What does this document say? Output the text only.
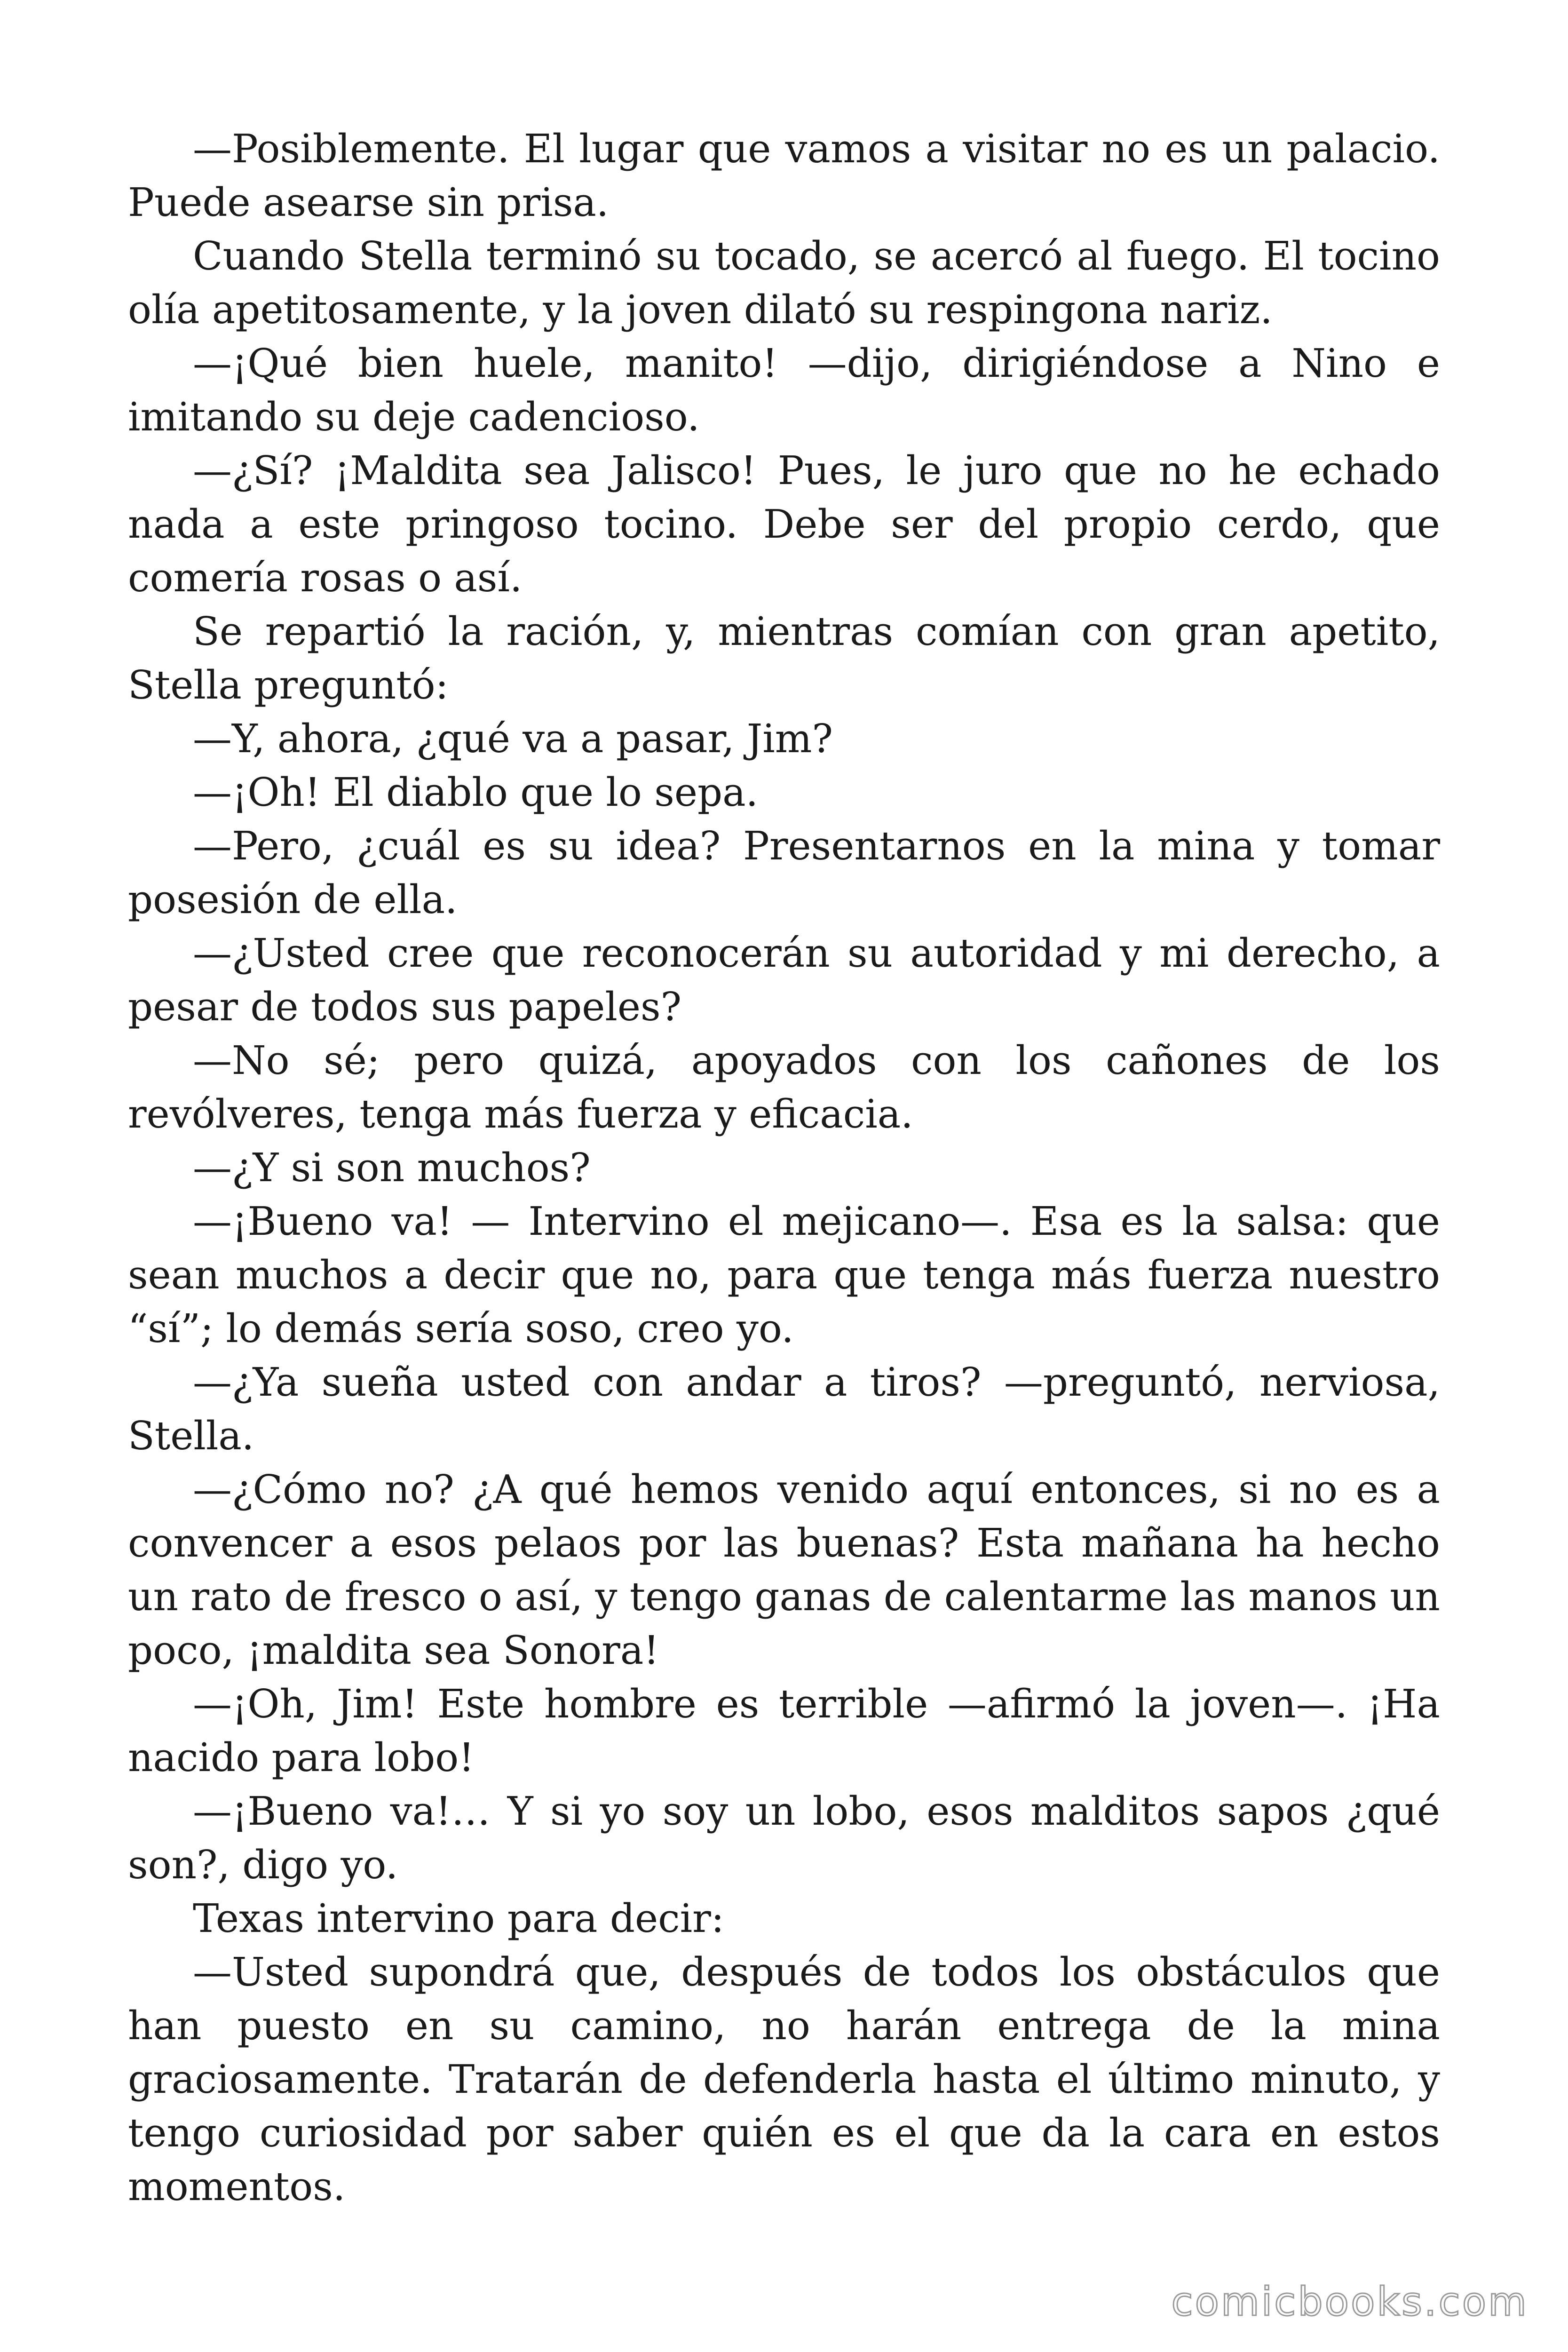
—Posiblemente. El lugar que vamos a visitar no es un palacio. Puede asearse sin prisa.

Cuando Stella terminó su tocado, se acercó al fuego. El tocino olía apetitosamente, y la joven dilató su respingona nariz.

—¡Qué bien huele, manito! —dijo, dirigiéndose a Nino e imitando su deje cadencioso.

—¿Sí? ¡Maldita sea Jalisco! Pues, le juro que no he echado nada a este pringoso tocino. Debe ser del propio cerdo, que comería rosas o así.

Se repartió la ración, y, mientras comían con gran apetito, Stella preguntó:

—Y, ahora, ¿qué va a pasar, Jim?

—¡Oh! El diablo que lo sepa.

—Pero, ¿cuál es su idea? Presentarnos en la mina y tomar posesión de ella.

—¿Usted cree que reconocerán su autoridad y mi derecho, a pesar de todos sus papeles?

—No sé; pero quizá, apoyados con los cañones de los revólveres, tenga más fuerza y eficacia.

—¿Y si son muchos?

—¡Bueno va! — Intervino el mejicano—. Esa es la salsa: que sean muchos a decir que no, para que tenga más fuerza nuestro “sí”; lo demás sería soso, creo yo.

—¿Ya sueña usted con andar a tiros? —preguntó, nerviosa, Stella.

—¿Cómo no? ¿A qué hemos venido aquí entonces, si no es a convencer a esos pelaos por las buenas? Esta mañana ha hecho un rato de fresco o así, y tengo ganas de calentarme las manos un poco, ¡maldita sea Sonora!

—¡Oh, Jim! Este hombre es terrible —afirmó la joven—. ¡Ha nacido para lobo!

—¡Bueno va!… Y si yo soy un lobo, esos malditos sapos ¿qué son?, digo yo.

Texas intervino para decir:

—Usted supondrá que, después de todos los obstáculos que han puesto en su camino, no harán entrega de la mina graciosamente. Tratarán de defenderla hasta el último minuto, y tengo curiosidad por saber quién es el que da la cara en estos momentos.

comicbooks.com
